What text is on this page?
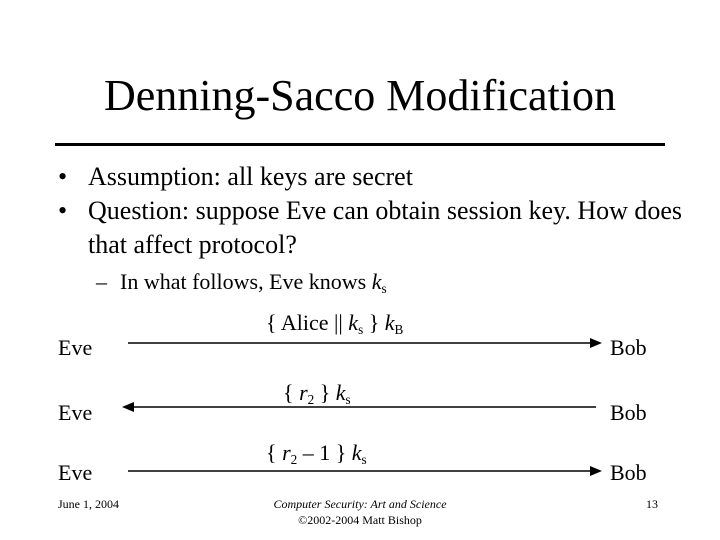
Denning-Sacco Modification

• Assumption: all keys are secret

• Question: suppose Eve can obtain session key. How does that affect protocol?

– In what follows, Eve knows $k_s$

{ Alice || $k_s$ } $k_B$
Eve	Bob
{ $r_2$ } $k_s$
Eve	Bob
{ $r_2 - 1$ } $k_s$
Eve	Bob
June 1, 2004	Computer Security: Art and Science
©2002-2004 Matt Bishop
13
